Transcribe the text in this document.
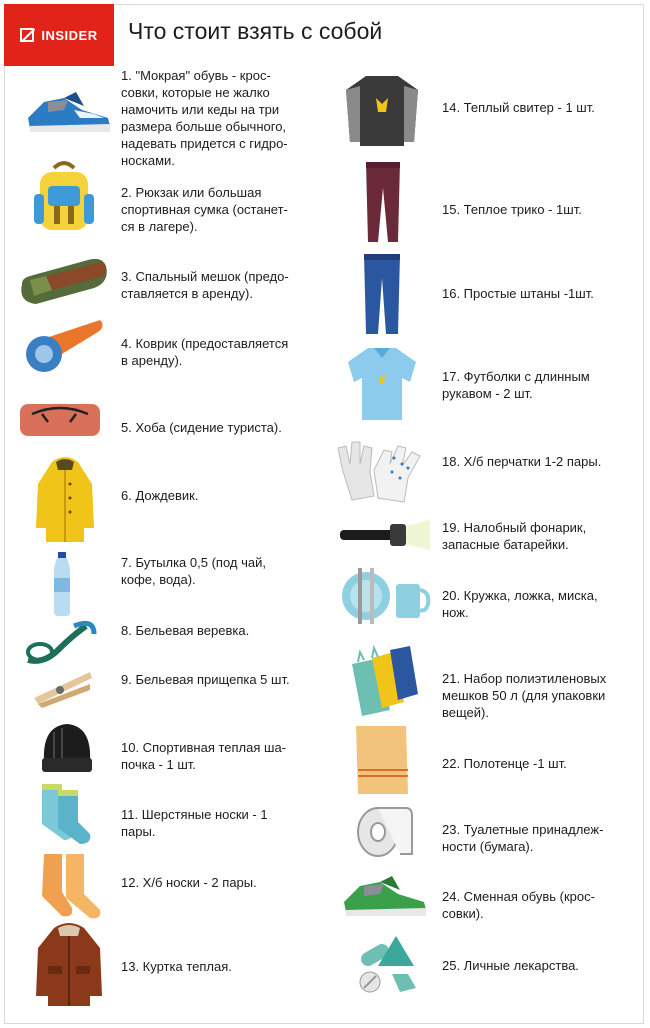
INSIDER Что стоит взять с собой
1. "Мокрая" обувь - крос-
совки, которые не жалко
намочить или кеды на три
размера больше обычного,
надевать придется с гидро-
носками.
2. Рюкзак или большая
спортивная сумка (останет-
ся в лагере).
3. Спальный мешок (предо-
ставляется в аренду).
4. Коврик (предоставляется
в аренду).
5. Хоба (сидение туриста).
6. Дождевик.
7. Бутылка 0,5 (под чай,
кофе, вода).
8. Бельевая веревка.
9. Бельевая прищепка 5 шт.
10. Спортивная теплая ша-
почка - 1 шт.
11. Шерстяные носки - 1
пары.
12. Х/б носки - 2 пары.
13. Куртка теплая.
14. Теплый свитер - 1 шт.
15. Теплое трико - 1шт.
16. Простые штаны -1шт.
17. Футболки с длинным
рукавом - 2 шт.
18. Х/б перчатки 1-2 пары.
19. Налобный фонарик,
запасные батарейки.
20. Кружка, ложка, миска,
нож.
21. Набор полиэтиленовых
мешков 50 л (для упаковки
вещей).
22. Полотенце -1 шт.
23. Туалетные принадлеж-
ности (бумага).
24. Сменная обувь (крос-
совки).
25. Личные лекарства.
